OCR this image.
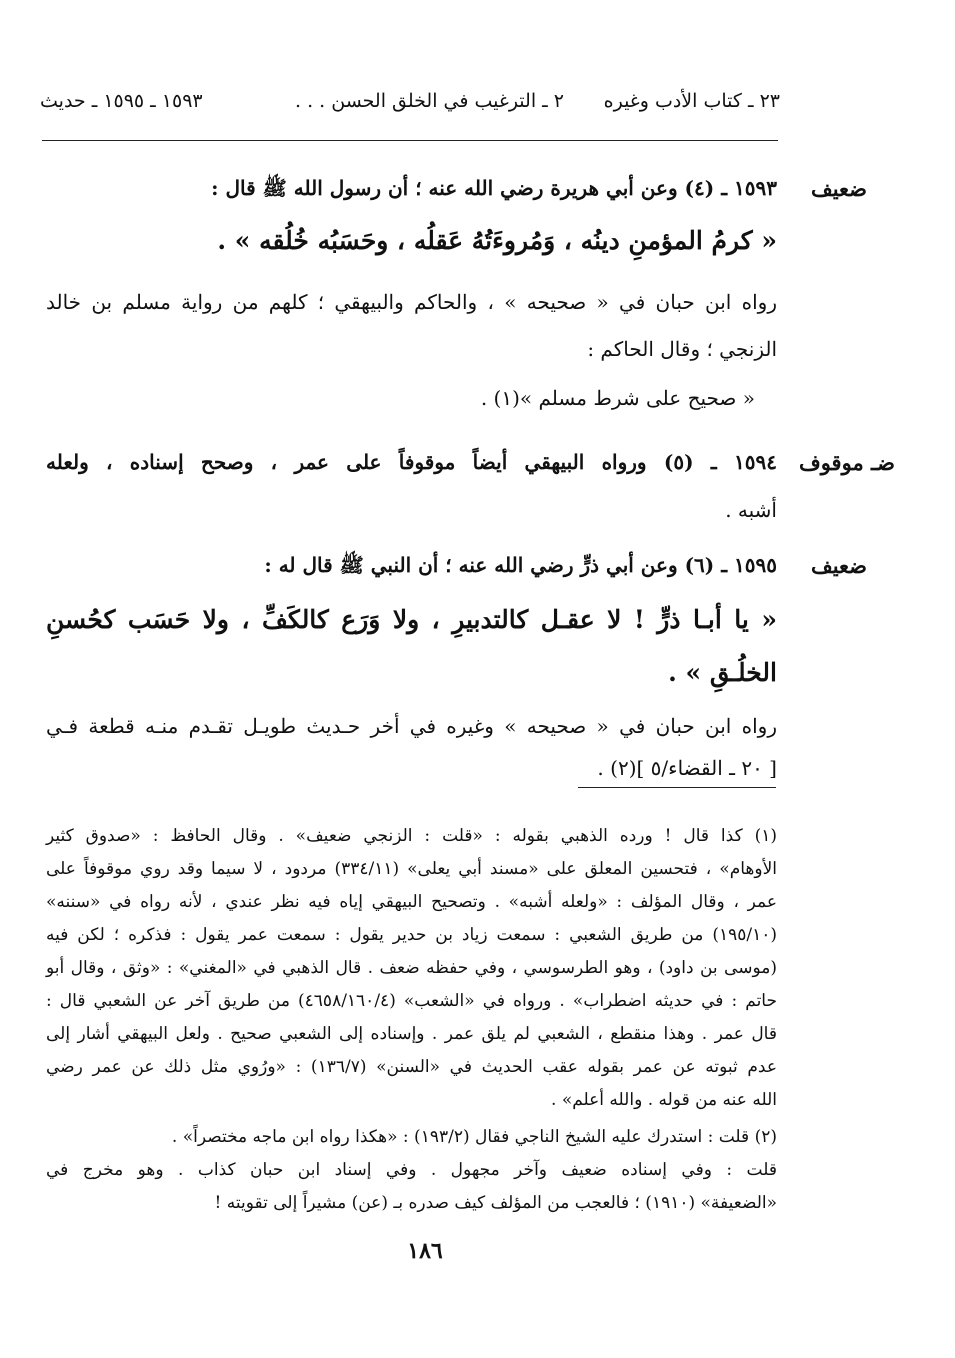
٢٣ ـ كتاب الأدب وغيره
٢ ـ الترغيب في الخلق الحسن . . .
١٥٩٣ ـ ١٥٩٥ ـ حديث
ضعيف
١٥٩٣ ـ (٤) وعن أبي هريرة رضي الله عنه ؛ أن رسول الله ﷺ قال :
« كرمُ المؤمنِ دينُه ، وَمُروءَتُهُ عَقلُه ، وحَسَبُه خُلُقه » .
رواه ابن حبان في « صحيحه » ، والحاكم والبيهقي ؛ كلهم من رواية مسلم بن خالد
الزنجي ؛ وقال الحاكم :
« صحيح على شرط مسلم »(١) .
ضـ موقوف
١٥٩٤ ـ (٥) ورواه البيهقي أيضاً موقوفاً على عمر ، وصحح إسناده ، ولعله
أشبه .
ضعيف
١٥٩٥ ـ (٦) وعن أبي ذرٍّ رضي الله عنه ؛ أن النبي ﷺ قال له :
« يا أبـا ذرٍّ ! لا عقـل كالتدبيرِ ، ولا وَرَع كالكَفِّ ، ولا حَسَب كحُسنِ
الخلُـقِ » .
رواه ابن حبان في « صحيحه » وغيره في أخر حـديث طويـل تقـدم منـه قطعة فـي
[ ٢٠ ـ القضاء/٥ ](٢) .
(١) كذا قال ! ورده الذهبي بقوله : «قلت : الزنجي ضعيف» . وقال الحافظ : «صدوق كثير
الأوهام» ، فتحسين المعلق على «مسند أبي يعلى» (٣٣٤/١١) مردود ، لا سيما وقد روي موقوفاً على
عمر ، وقال المؤلف : «ولعله أشبه» . وتصحيح البيهقي إياه فيه نظر عندي ، لأنه رواه في «سننه»
(١٩٥/١٠) من طريق الشعبي : سمعت زياد بن حدير يقول : سمعت عمر يقول : فذكره ؛ لكن فيه
(موسى بن داود) ، وهو الطرسوسي ، وفي حفظه ضعف . قال الذهبي في «المغني» : «وثق ، وقال أبو
حاتم : في حديثه اضطراب» . ورواه في «الشعب» (٤٦٥٨/١٦٠/٤) من طريق آخر عن الشعبي قال :
قال عمر . وهذا منقطع ، الشعبي لم يلق عمر . وإسناده إلى الشعبي صحيح . ولعل البيهقي أشار إلى
عدم ثبوته عن عمر بقوله عقب الحديث في «السنن» (١٣٦/٧) : «ورُوي مثل ذلك عن عمر رضي
الله عنه من قوله . والله أعلم» .
(٢) قلت : استدرك عليه الشيخ الناجي فقال (١٩٣/٢) : «هكذا رواه ابن ماجه مختصراً» .
قلت : وفي إسناده ضعيف وآخر مجهول . وفي إسناد ابن حبان كذاب . وهو مخرج في
«الضعيفة» (١٩١٠) ؛ فالعجب من المؤلف كيف صدره بـ (عن) مشيراً إلى تقويته !
١٨٦
